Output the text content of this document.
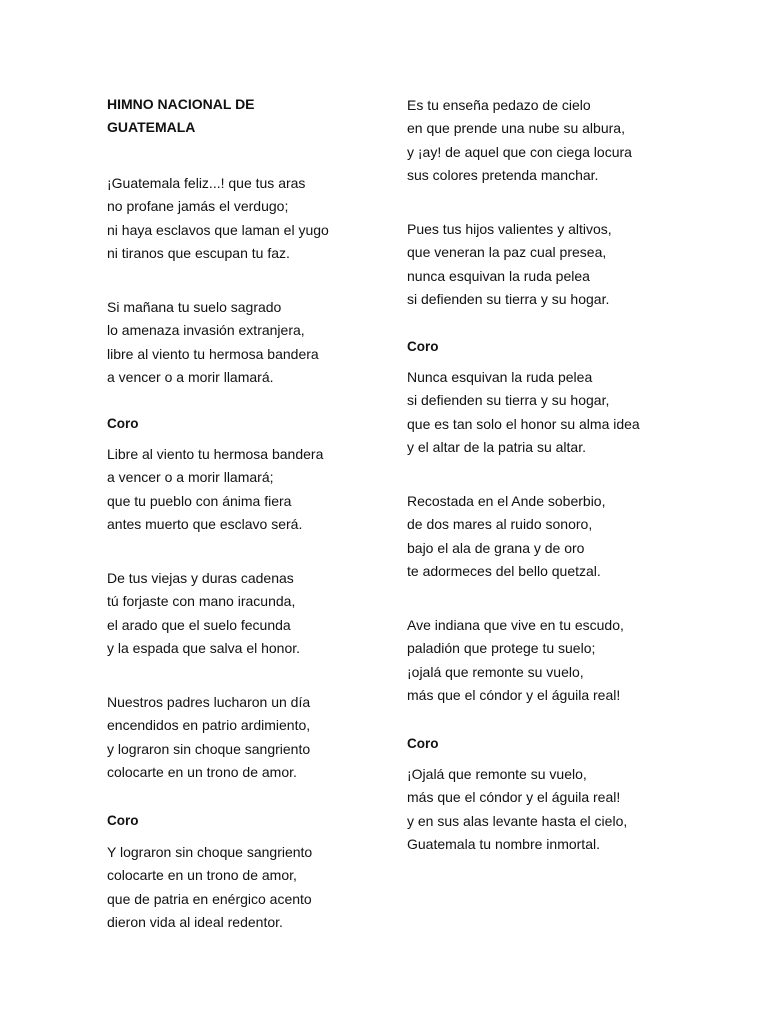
HIMNO NACIONAL DE
GUATEMALA

¡Guatemala feliz...! que tus aras
no profane jamás el verdugo;
ni haya esclavos que laman el yugo
ni tiranos que escupan tu faz.

Si mañana tu suelo sagrado
lo amenaza invasión extranjera,
libre al viento tu hermosa bandera
a vencer o a morir llamará.

Coro

Libre al viento tu hermosa bandera
a vencer o a morir llamará;
que tu pueblo con ánima fiera
antes muerto que esclavo será.

De tus viejas y duras cadenas
tú forjaste con mano iracunda,
el arado que el suelo fecunda
y la espada que salva el honor.

Nuestros padres lucharon un día
encendidos en patrio ardimiento,
y lograron sin choque sangriento
colocarte en un trono de amor.

Coro

Y lograron sin choque sangriento
colocarte en un trono de amor,
que de patria en enérgico acento
dieron vida al ideal redentor.

Es tu enseña pedazo de cielo
en que prende una nube su albura,
y ¡ay! de aquel que con ciega locura
sus colores pretenda manchar.

Pues tus hijos valientes y altivos,
que veneran la paz cual presea,
nunca esquivan la ruda pelea
si defienden su tierra y su hogar.

Coro

Nunca esquivan la ruda pelea
si defienden su tierra y su hogar,
que es tan solo el honor su alma idea
y el altar de la patria su altar.

Recostada en el Ande soberbio,
de dos mares al ruido sonoro,
bajo el ala de grana y de oro
te adormeces del bello quetzal.

Ave indiana que vive en tu escudo,
paladión que protege tu suelo;
¡ojalá que remonte su vuelo,
más que el cóndor y el águila real!

Coro

¡Ojalá que remonte su vuelo,
más que el cóndor y el águila real!
y en sus alas levante hasta el cielo,
Guatemala tu nombre inmortal.
